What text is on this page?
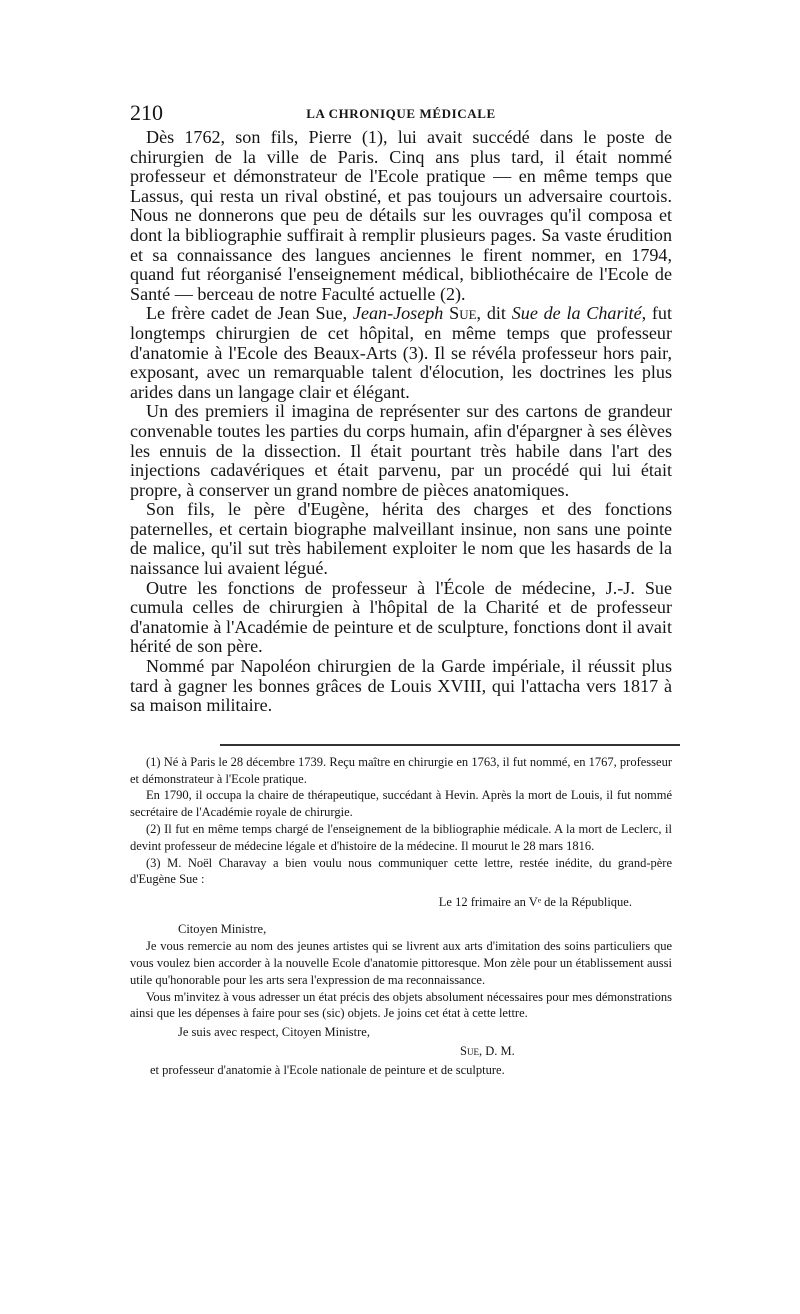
210	LA CHRONIQUE MÉDICALE

Dès 1762, son fils, Pierre (1), lui avait succédé dans le poste de chirurgien de la ville de Paris. Cinq ans plus tard, il était nommé professeur et démonstrateur de l'Ecole pratique — en même temps que Lassus, qui resta un rival obstiné, et pas toujours un adversaire courtois. Nous ne donnerons que peu de détails sur les ouvrages qu'il composa et dont la bibliographie suffirait à remplir plusieurs pages. Sa vaste érudition et sa connaissance des langues anciennes le firent nommer, en 1794, quand fut réorganisé l'enseignement médical, bibliothécaire de l'Ecole de Santé — berceau de notre Faculté actuelle (2).

Le frère cadet de Jean Sue, Jean-Joseph Sue, dit Sue de la Charité, fut longtemps chirurgien de cet hôpital, en même temps que professeur d'anatomie à l'Ecole des Beaux-Arts (3). Il se révéla professeur hors pair, exposant, avec un remarquable talent d'élocution, les doctrines les plus arides dans un langage clair et élégant.

Un des premiers il imagina de représenter sur des cartons de grandeur convenable toutes les parties du corps humain, afin d'épargner à ses élèves les ennuis de la dissection. Il était pourtant très habile dans l'art des injections cadavériques et était parvenu, par un procédé qui lui était propre, à conserver un grand nombre de pièces anatomiques.

Son fils, le père d'Eugène, hérita des charges et des fonctions paternelles, et certain biographe malveillant insinue, non sans une pointe de malice, qu'il sut très habilement exploiter le nom que les hasards de la naissance lui avaient légué.

Outre les fonctions de professeur à l'École de médecine, J.-J. Sue cumula celles de chirurgien à l'hôpital de la Charité et de professeur d'anatomie à l'Académie de peinture et de sculpture, fonctions dont il avait hérité de son père.

Nommé par Napoléon chirurgien de la Garde impériale, il réussit plus tard à gagner les bonnes grâces de Louis XVIII, qui l'attacha vers 1817 à sa maison militaire.

(1) Né à Paris le 28 décembre 1739. Reçu maître en chirurgie en 1763, il fut nommé, en 1767, professeur et démonstrateur à l'Ecole pratique.

En 1790, il occupa la chaire de thérapeutique, succédant à Hevin. Après la mort de Louis, il fut nommé secrétaire de l'Académie royale de chirurgie.

(2) Il fut en même temps chargé de l'enseignement de la bibliographie médicale. A la mort de Leclerc, il devint professeur de médecine légale et d'histoire de la médecine. Il mourut le 28 mars 1816.

(3) M. Noël Charavay a bien voulu nous communiquer cette lettre, restée inédite, du grand-père d'Eugène Sue :

Le 12 frimaire an Vᵉ de la République.

Citoyen Ministre,

Je vous remercie au nom des jeunes artistes qui se livrent aux arts d'imitation des soins particuliers que vous voulez bien accorder à la nouvelle Ecole d'anatomie pittoresque. Mon zèle pour un établissement aussi utile qu'honorable pour les arts sera l'expression de ma reconnaissance.

Vous m'invitez à vous adresser un état précis des objets absolument nécessaires pour mes démonstrations ainsi que les dépenses à faire pour ses (sic) objets. Je joins cet état à cette lettre.

Je suis avec respect, Citoyen Ministre,

Sue, D. M.

et professeur d'anatomie à l'Ecole nationale de peinture et de sculpture.
